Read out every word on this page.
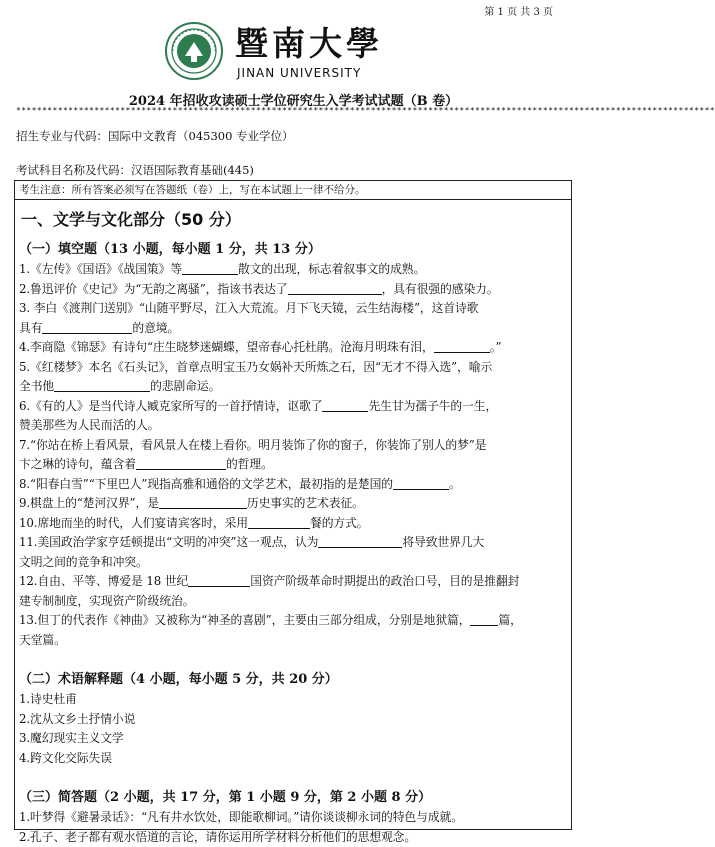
第 1 页 共 3 页
暨南大學
JINAN UNIVERSITY
2024 年招收攻读硕士学位研究生入学考试试题（B 卷）
**************************************************************************************************************************************
招生专业与代码：国际中文教育（045300 专业学位）
考试科目名称及代码：汉语国际教育基础(445)
考生注意：所有答案必须写在答题纸（卷）上，写在本试题上一律不给分。
一、文学与文化部分（50 分）
（一）填空题（13 小题，每小题 1 分，共 13 分）
1.《左传》《国语》《战国策》等	散文的出现，标志着叙事文的成熟。
2.鲁迅评价《史记》为“无韵之离骚”，指该书表达了	，具有很强的感染力。
3. 李白《渡荆门送别》“山随平野尽，江入大荒流。月下飞天镜，云生结海楼”，这首诗歌
具有	的意境。
4.李商隐《锦瑟》有诗句“庄生晓梦迷蝴蝶，望帝春心托杜鹃。沧海月明珠有泪，	。”
5.《红楼梦》本名《石头记》，首章点明宝玉乃女娲补天所炼之石，因“无才不得入选”，喻示
全书他	的悲剧命运。
6.《有的人》是当代诗人臧克家所写的一首抒情诗，讴歌了	先生甘为孺子牛的一生，
赞美那些为人民而活的人。
7.“你站在桥上看风景，看风景人在楼上看你。明月装饰了你的窗子，你装饰了别人的梦”是
卞之琳的诗句，蕴含着	的哲理。
8.“阳春白雪”“下里巴人”现指高雅和通俗的文学艺术，最初指的是楚国的	。
9.棋盘上的“楚河汉界”，是	历史事实的艺术表征。
10.席地而坐的时代，人们宴请宾客时，采用	餐的方式。
11.美国政治学家亨廷顿提出“文明的冲突”这一观点，认为	将导致世界几大
文明之间的竞争和冲突。
12.自由、平等、博爱是 18 世纪	国资产阶级革命时期提出的政治口号，目的是推翻封
建专制制度，实现资产阶级统治。
13.但丁的代表作《神曲》又被称为“神圣的喜剧”，主要由三部分组成，分别是地狱篇， 篇，
天堂篇。
（二）术语解释题（4 小题，每小题 5 分，共 20 分）
1.诗史杜甫
2.沈从文乡土抒情小说
3.魔幻现实主义文学
4.跨文化交际失误
（三）简答题（2 小题，共 17 分，第 1 小题 9 分，第 2 小题 8 分）
1.叶梦得《避暑录话》：“凡有井水饮处，即能歌柳词。”请你谈谈柳永词的特色与成就。
2.孔子、老子都有观水悟道的言论，请你运用所学材料分析他们的思想观念。
